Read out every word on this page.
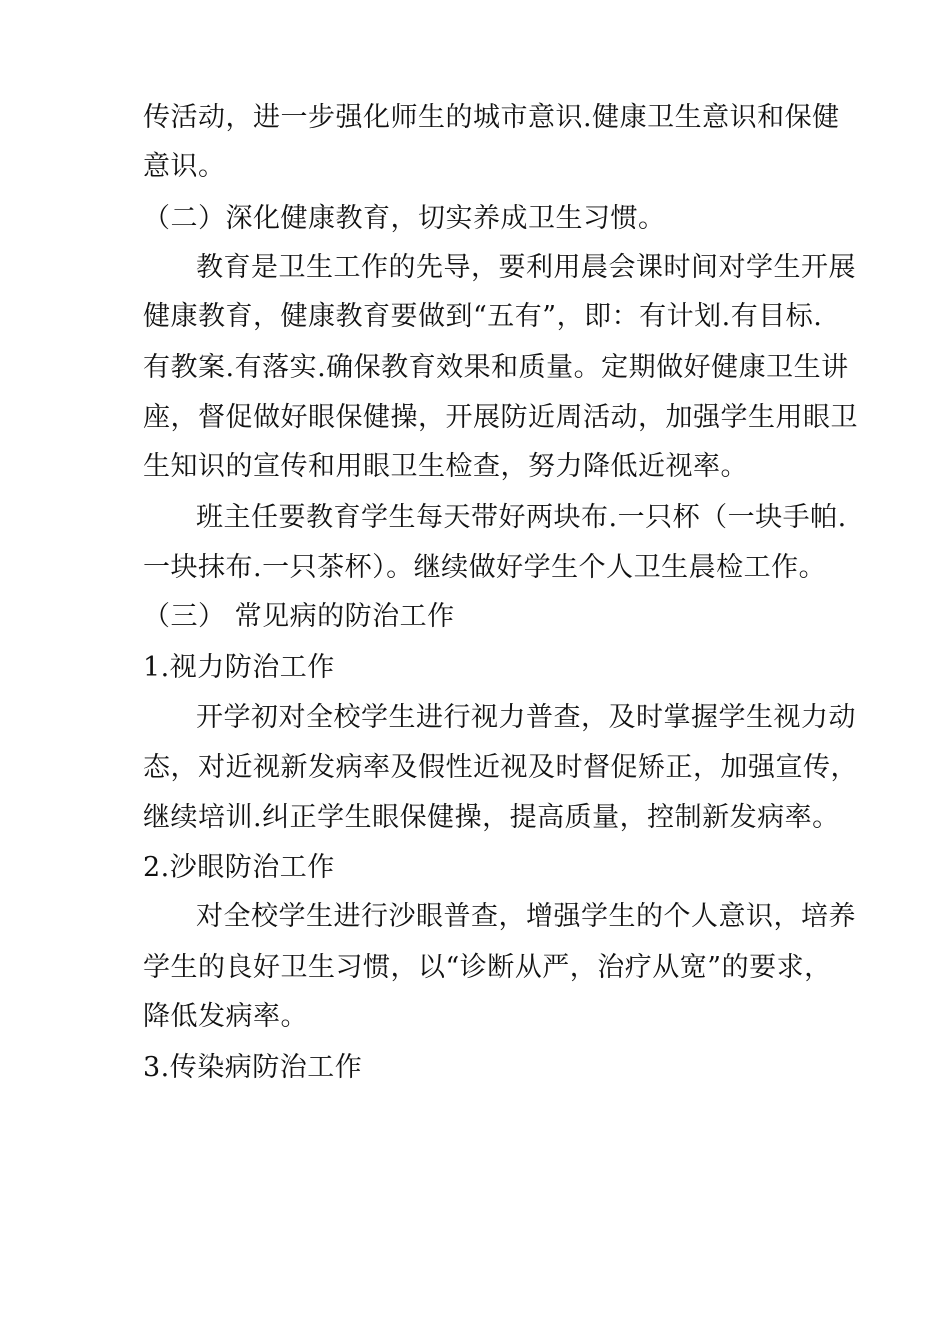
传活动，进一步强化师生的城市意识.健康卫生意识和保健
意识。
（二）深化健康教育，切实养成卫生习惯。
教育是卫生工作的先导，要利用晨会课时间对学生开展
健康教育，健康教育要做到“五有”，即：有计划.有目标.
有教案.有落实.确保教育效果和质量。定期做好健康卫生讲
座，督促做好眼保健操，开展防近周活动，加强学生用眼卫
生知识的宣传和用眼卫生检查，努力降低近视率。
班主任要教育学生每天带好两块布.一只杯（一块手帕.
一块抹布.一只茶杯）。继续做好学生个人卫生晨检工作。
（三） 常见病的防治工作
1.视力防治工作
开学初对全校学生进行视力普查，及时掌握学生视力动
态，对近视新发病率及假性近视及时督促矫正，加强宣传，
继续培训.纠正学生眼保健操，提高质量，控制新发病率。
2.沙眼防治工作
对全校学生进行沙眼普查，增强学生的个人意识，培养
学生的良好卫生习惯，以“诊断从严，治疗从宽”的要求，
降低发病率。
3.传染病防治工作
